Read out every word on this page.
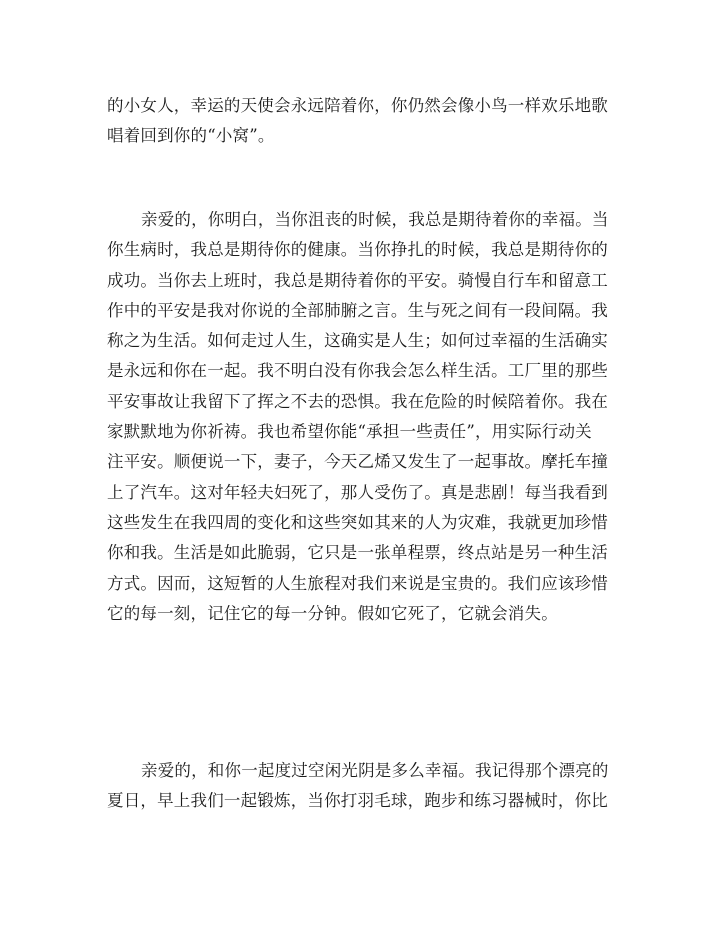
的小女人，幸运的天使会永远陪着你，你仍然会像小鸟一样欢乐地歌
唱着回到你的“小窝”。

亲爱的，你明白，当你沮丧的时候，我总是期待着你的幸福。当
你生病时，我总是期待你的健康。当你挣扎的时候，我总是期待你的
成功。当你去上班时，我总是期待着你的平安。骑慢自行车和留意工
作中的平安是我对你说的全部肺腑之言。生与死之间有一段间隔。我
称之为生活。如何走过人生，这确实是人生；如何过幸福的生活确实
是永远和你在一起。我不明白没有你我会怎么样生活。工厂里的那些
平安事故让我留下了挥之不去的恐惧。我在危险的时候陪着你。我在
家默默地为你祈祷。我也希望你能“承担一些责任”，用实际行动关
注平安。顺便说一下，妻子，今天乙烯又发生了一起事故。摩托车撞
上了汽车。这对年轻夫妇死了，那人受伤了。真是悲剧！每当我看到
这些发生在我四周的变化和这些突如其来的人为灾难，我就更加珍惜
你和我。生活是如此脆弱，它只是一张单程票，终点站是另一种生活
方式。因而，这短暂的人生旅程对我们来说是宝贵的。我们应该珍惜
它的每一刻，记住它的每一分钟。假如它死了，它就会消失。

亲爱的，和你一起度过空闲光阴是多么幸福。我记得那个漂亮的
夏日，早上我们一起锻炼，当你打羽毛球，跑步和练习器械时，你比
